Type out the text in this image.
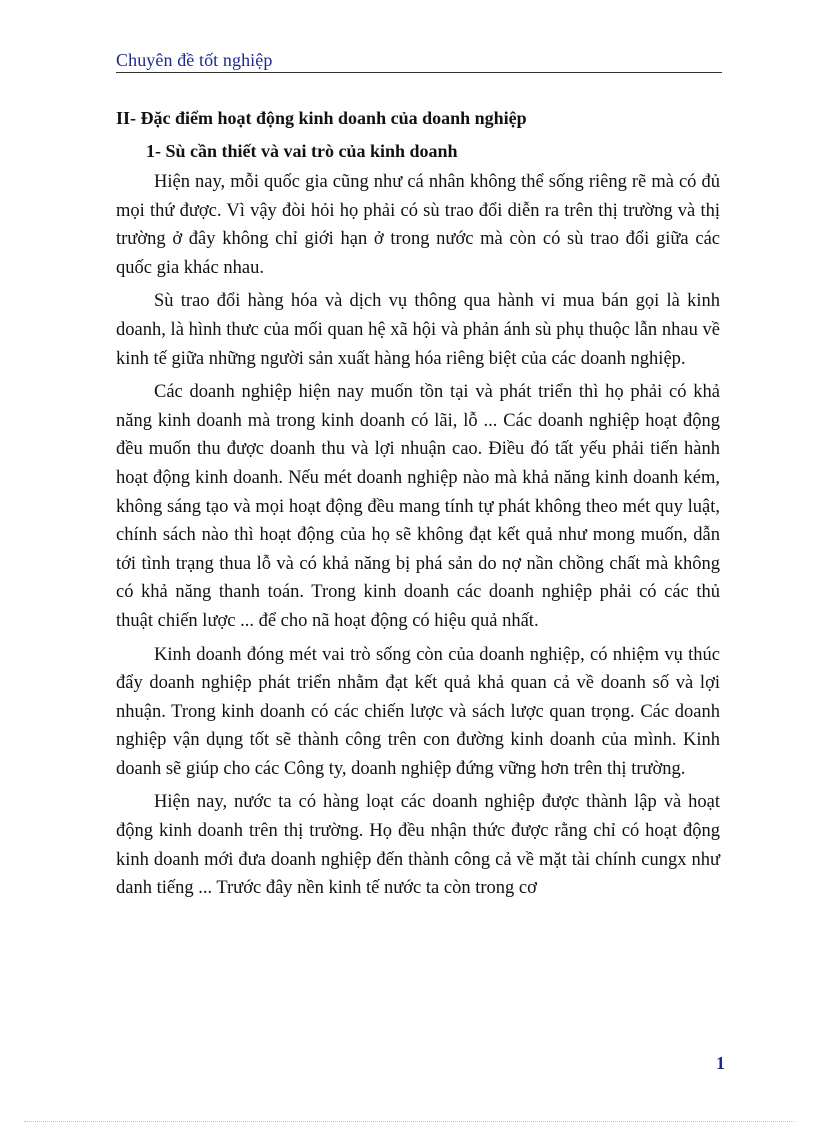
Chuyên đề tốt nghiệp

II- Đặc điểm hoạt động kinh doanh của doanh nghiệp

1- Sù cần thiết và vai trò của kinh doanh

Hiện nay, mỗi quốc gia cũng như cá nhân không thể sống riêng rẽ mà có đủ mọi thứ được. Vì vậy đòi hỏi họ phải có sù trao đổi diễn ra trên thị trường và thị trường ở đây không chỉ giới hạn ở trong nước mà còn có sù trao đổi giữa các quốc gia khác nhau.

Sù trao đổi hàng hóa và dịch vụ thông qua hành vi mua bán gọi là kinh doanh, là hình thưc của mối quan hệ xã hội và phản ánh sù phụ thuộc lẫn nhau về kinh tế giữa những người sản xuất hàng hóa riêng biệt của các doanh nghiệp.

Các doanh nghiệp hiện nay muốn tồn tại và phát triển thì họ phải có khả năng kinh doanh mà trong kinh doanh có lãi, lỗ ... Các doanh nghiệp hoạt động đều muốn thu được doanh thu và lợi nhuận cao. Điều đó tất yếu phải tiến hành hoạt động kinh doanh. Nếu mét doanh nghiệp nào mà khả năng kinh doanh kém, không sáng tạo và mọi hoạt động đều mang tính tự phát không theo mét quy luật, chính sách nào thì hoạt động của họ sẽ không đạt kết quả như mong muốn, dẫn tới tình trạng thua lỗ và có khả năng bị phá sản do nợ nần chồng chất mà không có khả năng thanh toán. Trong kinh doanh các doanh nghiệp phải có các thủ thuật chiến lược ... để cho nã hoạt động có hiệu quả nhất.

Kinh doanh đóng mét vai trò sống còn của doanh nghiệp, có nhiệm vụ thúc đẩy doanh nghiệp phát triển nhằm đạt kết quả khả quan cả về doanh số và lợi nhuận. Trong kinh doanh có các chiến lược và sách lược quan trọng. Các doanh nghiệp vận dụng tốt sẽ thành công trên con đường kinh doanh của mình. Kinh doanh sẽ giúp cho các Công ty, doanh nghiệp đứng vững hơn trên thị trường.

Hiện nay, nước ta có hàng loạt các doanh nghiệp được thành lập và hoạt động kinh doanh trên thị trường. Họ đều nhận thức được rằng chỉ có hoạt động kinh doanh mới đưa doanh nghiệp đến thành công cả về mặt tài chính cungx như danh tiếng ... Trước đây nền kinh tế nước ta còn trong cơ

1
